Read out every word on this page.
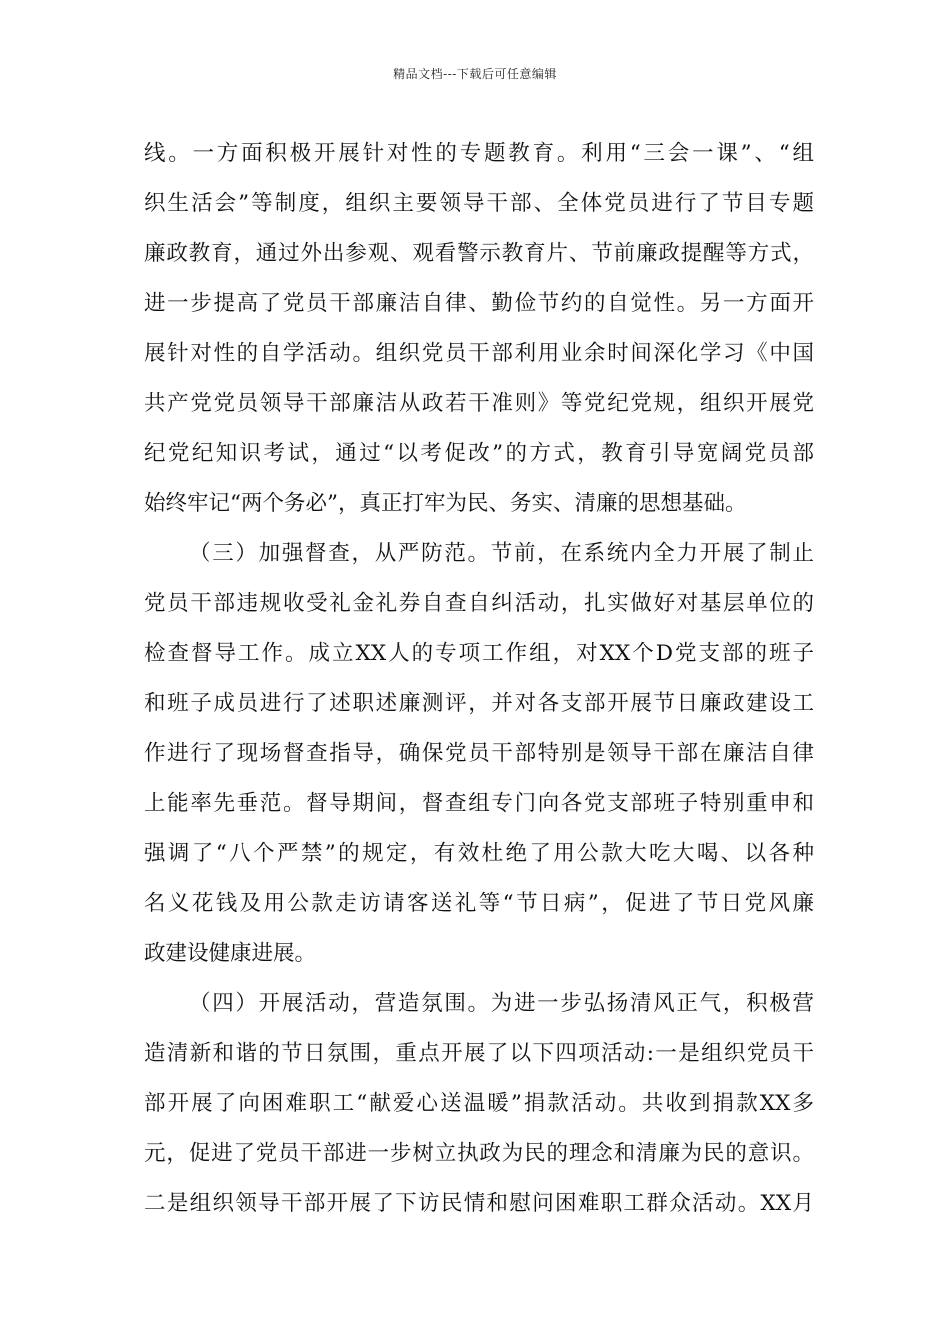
精品文档---下载后可任意编辑
线。一方面积极开展针对性的专题教育。利用“三会一课”、“组
织生活会”等制度，组织主要领导干部、全体党员进行了节目专题
廉政教育，通过外出参观、观看警示教育片、节前廉政提醒等方式，
进一步提高了党员干部廉洁自律、勤俭节约的自觉性。另一方面开
展针对性的自学活动。组织党员干部利用业余时间深化学习《中国
共产党党员领导干部廉洁从政若干准则》等党纪党规，组织开展党
纪党纪知识考试，通过“以考促改”的方式，教育引导宽阔党员部
始终牢记“两个务必”，真正打牢为民、务实、清廉的思想基础。
（三）加强督查，从严防范。节前，在系统内全力开展了制止
党员干部违规收受礼金礼券自查自纠活动，扎实做好对基层单位的
检查督导工作。成立XX人的专项工作组，对XX个D党支部的班子
和班子成员进行了述职述廉测评，并对各支部开展节日廉政建设工
作进行了现场督查指导，确保党员干部特别是领导干部在廉洁自律
上能率先垂范。督导期间，督查组专门向各党支部班子特别重申和
强调了“八个严禁”的规定，有效杜绝了用公款大吃大喝、以各种
名义花钱及用公款走访请客送礼等“节日病”，促进了节日党风廉
政建设健康进展。
（四）开展活动，营造氛围。为进一步弘扬清风正气，积极营
造清新和谐的节日氛围，重点开展了以下四项活动:一是组织党员干
部开展了向困难职工“献爱心送温暖”捐款活动。共收到捐款XX多
元，促进了党员干部进一步树立执政为民的理念和清廉为民的意识。
二是组织领导干部开展了下访民情和慰问困难职工群众活动。XX月
